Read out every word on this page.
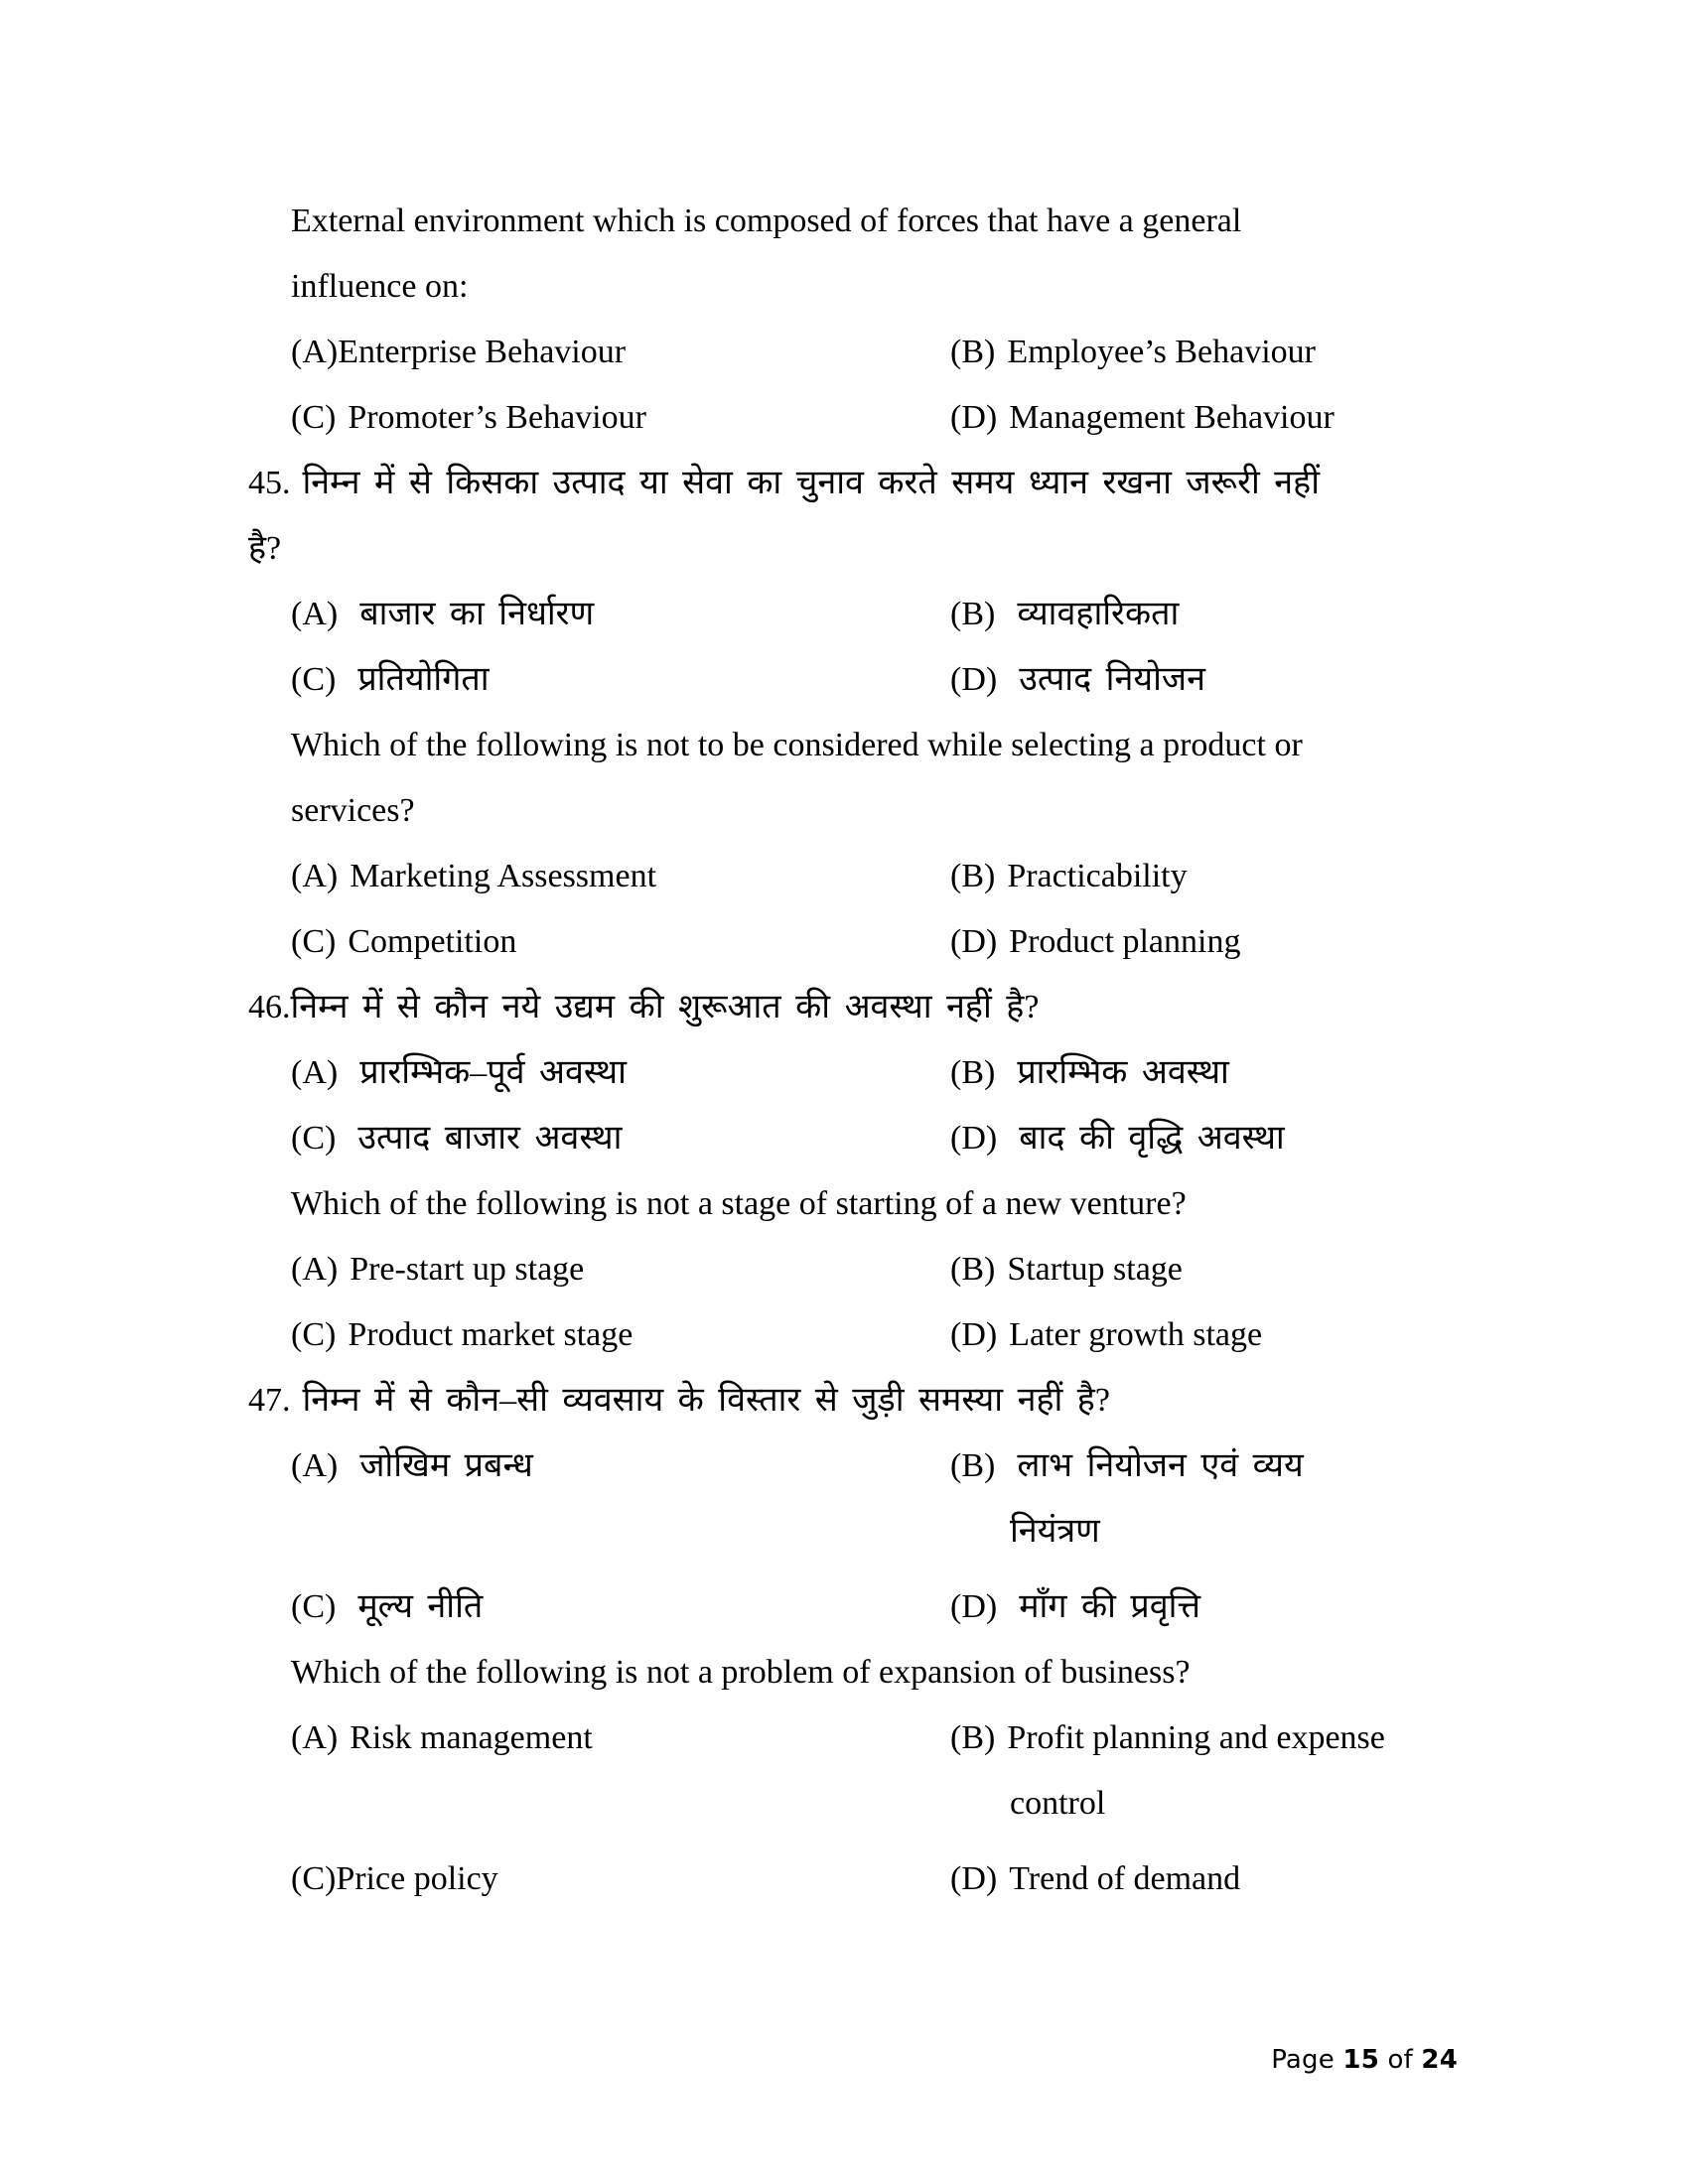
External environment which is composed of forces that have a general
influence on:
(A) Enterprise Behaviour	(B) Employee’s Behaviour
(C) Promoter’s Behaviour	(D) Management Behaviour
45. निम्न में से किसका उत्पाद या सेवा का चुनाव करते समय ध्यान रखना जरूरी नहीं
है?
(A) बाजार का निर्धारण	(B) व्यावहारिकता
(C) प्रतियोगिता	(D) उत्पाद नियोजन
Which of the following is not to be considered while selecting a product or
services?
(A) Marketing Assessment	(B) Practicability
(C) Competition	(D) Product planning
46. निम्न में से कौन नये उद्यम की शुरूआत की अवस्था नहीं है?
(A) प्रारम्भिक–पूर्व अवस्था	(B) प्रारम्भिक अवस्था
(C) उत्पाद बाजार अवस्था	(D) बाद की वृद्धि अवस्था
Which of the following is not a stage of starting of a new venture?
(A) Pre-start up stage	(B) Startup stage
(C) Product market stage	(D) Later growth stage
47. निम्न में से कौन–सी व्यवसाय के विस्तार से जुड़ी समस्या नहीं है?
(A) जोखिम प्रबन्ध	(B) लाभ नियोजन एवं व्यय
नियंत्रण
(C) मूल्य नीति	(D) मॉंग की प्रवृत्ति
Which of the following is not a problem of expansion of business?
(A) Risk management	(B) Profit planning and expense
control
(C) Price policy	(D) Trend of demand
Page 15 of 24
